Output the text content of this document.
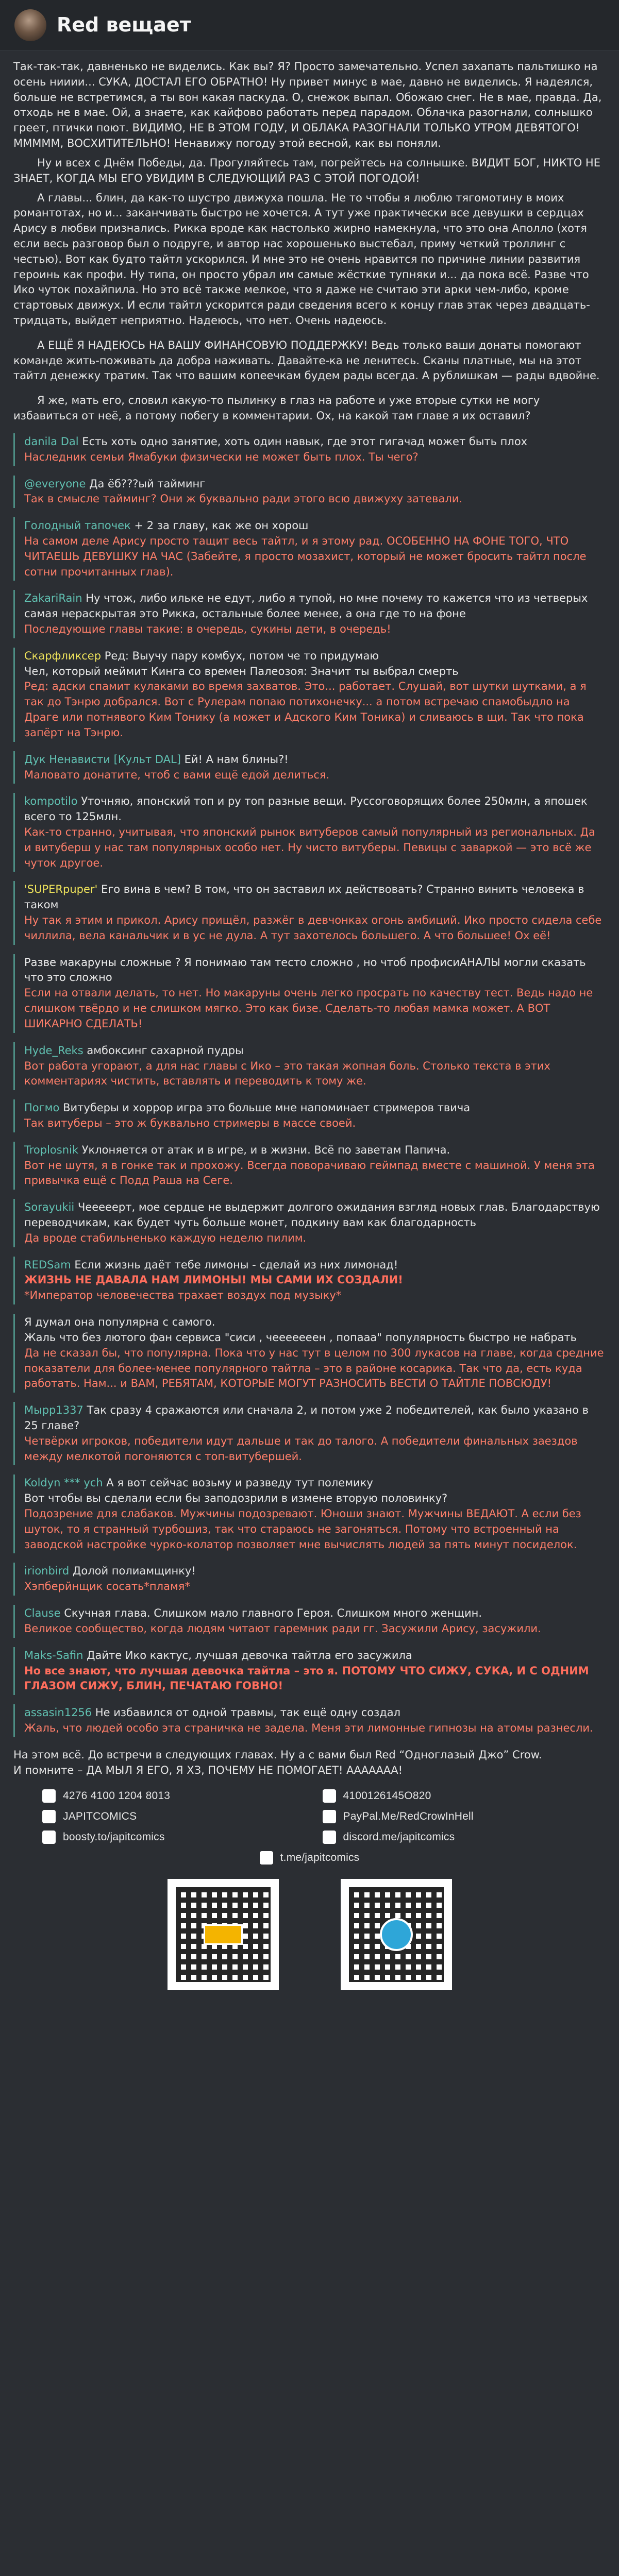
Red вещает

Так-так-так, давненько не виделись. Как вы? Я? Просто замечательно. Успел захапать пальтишко на осень нииии... СУКА, ДОСТАЛ ЕГО ОБРАТНО! Ну привет минус в мае, давно не виделись. Я надеялся, больше не встретимся, а ты вон какая паскуда. О, снежок выпал. Обожаю снег. Не в мае, правда. Да, отходь не в мае. Ой, а знаете, как кайфово работать перед парадом. Облачка разогнали, солнышко греет, птички поют. ВИДИМО, НЕ В ЭТОМ ГОДУ, И ОБЛАКА РАЗОГНАЛИ ТОЛЬКО УТРОМ ДЕВЯТОГО! МММММ, ВОСХИТИТЕЛЬНО! Ненавижу погоду этой весной, как вы поняли.

Ну и всех с Днём Победы, да. Прогуляйтесь там, погрейтесь на солнышке. ВИДИТ БОГ, НИКТО НЕ ЗНАЕТ, КОГДА МЫ ЕГО УВИДИМ В СЛЕДУЮЩИЙ РАЗ С ЭТОЙ ПОГОДОЙ!

А главы... блин, да как-то шустро движуха пошла. Не то чтобы я люблю тягомотину в моих романтотах, но и... заканчивать быстро не хочется. А тут уже практически все девушки в сердцах Арису в любви признались. Рикка вроде как настолько жирно намекнула, что это она Аполло (хотя если весь разговор был о подруге, и автор нас хорошенько выстебал, приму четкий троллинг с честью). Вот как будто тайтл ускорился. И мне это не очень нравится по причине линии развития героинь как профи. Ну типа, он просто убрал им самые жёсткие тупняки и... да пока всё. Разве что Ико чуток похайпила. Но это всё также мелкое, что я даже не считаю эти арки чем-либо, кроме стартовых движух. И если тайтл ускорится ради сведения всего к концу глав этак через двадцать-тридцать, выйдет неприятно. Надеюсь, что нет. Очень надеюсь.

А ЕЩЁ Я НАДЕЮСЬ НА ВАШУ ФИНАНСОВУЮ ПОДДЕРЖКУ! Ведь только ваши донаты помогают команде жить-поживать да добра наживать. Давайте-ка не ленитесь. Сканы платные, мы на этот тайтл денежку тратим. Так что вашим копеечкам будем рады всегда. А рублишкам — рады вдвойне.
Я же, мать его, словил какую-то пылинку в глаз на работе и уже вторые сутки не могу избавиться от неё, а потому побегу в комментарии. Ох, на какой там главе я их оставил?
danila Dal Есть хоть одно занятие, хоть один навык, где этот гигачад может быть плох
Наследник семьи Ямабуки физически не может быть плох. Ты чего?
@everyone Да ёб???ый тайминг
Так в смысле тайминг? Они ж буквально ради этого всю движуху затевали.
Голодный тапочек + 2 за главу, как же он хорош
На самом деле Арису просто тащит весь тайтл, и я этому рад. ОСОБЕННО НА ФОНЕ ТОГО, ЧТО ЧИТАЕШЬ ДЕВУШКУ НА ЧАС (Забейте, я просто мозахист, который не может бросить тайтл после сотни прочитанных глав).
ZakariRain Ну чтож, либо ильке не едут, либо я тупой, но мне почему то кажется что из четверых самая нераскрытая это Рикка, остальные более менее, а она где то на фоне
Последующие главы такие: в очередь, сукины дети, в очередь!
Скарфликсер Ред: Выучу пару комбух, потом че то придумаю
Чел, который меймит Кинга со времен Палеозоя: Значит ты выбрал смерть
Ред: адски спамит кулаками во время захватов. Это... работает. Слушай, вот шутки шутками, а я так до Тэнрю добрался. Вот с Рулерам попаю потихонечку... а потом встречаю спамобыдло на Драге или потнявого Ким Тонику (а может и Адского Ким Тоника) и сливаюсь в щи. Так что пока запёрт на Тэнрю.
Дук Ненависти [Культ DAL] Ей! А нам блины?!
Маловато донатите, чтоб с вами ещё едой делиться.
kompotilo Уточняю, японский топ и ру топ разные вещи. Руссоговорящих более 250млн, а япошек всего то 125млн.
Как-то странно, учитывая, что японский рынок витуберов самый популярный из региональных. Да и витуберш у нас там популярных особо нет. Ну чисто витуберы. Певицы с заваркой — это всё же чуток другое.
'SUPERpuper' Его вина в чем? В том, что он заставил их действовать? Странно винить человека в таком
Ну так я этим и прикол. Арису прищёл, разжёг в девчонках огонь амбиций. Ико просто сидела себе чиллила, вела канальчик и в ус не дула. А тут захотелось большего. А что большее! Ох её!
Разве макаруны сложные ? Я понимаю там тесто сложно , но чтоб профисиАНАЛЫ могли сказать что это сложно
Если на отвали делать, то нет. Но макаруны очень легко просрать по качеству тест. Ведь надо не слишком твёрдо и не слишком мягко. Это как бизе. Сделать-то любая мамка может. А ВОТ ШИКАРНО СДЕЛАТЬ!
Hyde_Reks амбоксинг сахарной пудры
Вот работа угорают, а для нас главы с Ико – это такая жопная боль. Столько текста в этих комментариях чистить, вставлять и переводить к тому же.
Погмо Витуберы и хоррор игра это больше мне напоминает стримеров твича
Так витуберы – это ж буквально стримеры в массе своей.
Troplosnik Уклоняется от атак и в игре, и в жизни. Всё по заветам Папича.
Вот не шутя, я в гонке так и прохожу. Всегда поворачиваю геймпад вместе с машиной. У меня эта привычка ещё с Подд Раша на Сеге.
Sorayukii Чееееерт, мое сердце не выдержит долгого ожидания взгляд новых глав. Благодарствую переводчикам, как будет чуть больше монет, подкину вам как благодарность
Да вроде стабильненько каждую неделю пилим.
REDSam Если жизнь даёт тебе лимоны - сделай из них лимонад!
ЖИЗНЬ НЕ ДАВАЛА НАМ ЛИМОНЫ! МЫ САМИ ИХ СОЗДАЛИ!
*Император человечества трахает воздух под музыку*
Я думал она популярна с самого.
Жаль что без лютого фан сервиса "сиси , чееееееен , попааа" популярность быстро не набрать
Да не сказал бы, что популярна. Пока что у нас тут в целом по 300 лукасов на главе, когда средние показатели для более-менее популярного тайтла – это в районе косарика. Так что да, есть куда работать. Нам... и ВАМ, РЕБЯТАМ, КОТОРЫЕ МОГУТ РАЗНОСИТЬ ВЕСТИ О ТАЙТЛЕ ПОВСЮДУ!
Мырр1337 Так сразу 4 сражаются или сначала 2, и потом уже 2 победителей, как было указано в 25 главе?
Четвёрки игроков, победители идут дальше и так до талого. А победители финальных заездов между мелкотой погоняются с топ-витубершей.
Koldyn *** ych А я вот сейчас возьму и разведу тут полемику
Вот чтобы вы сделали если бы заподозрили в измене вторую половинку?
Подозрение для слабаков. Мужчины подозревают. Юноши знают. Мужчины ВЕДАЮТ. А если без шуток, то я странный турбошиз, так что стараюсь не загоняться. Потому что встроенный на заводской настройке чурко-колатор позволяет мне вычислять людей за пять минут посиделок.
irionbird Долой полиамщинку!
Хэпберйнщик сосать*пламя*
Clause Скучная глава. Слишком мало главного Героя. Слишком много женщин.
Великое сообщество, когда людям читают гаремник ради гг. Засужили Арису, засужили.
Maks-Safin Дайте Ико кактус, лучшая девочка тайтла его засужила
Но все знают, что лучшая девочка тайтла – это я. ПОТОМУ ЧТО СИЖУ, СУКА, И С ОДНИМ ГЛАЗОМ СИЖУ, БЛИН, ПЕЧАТАЮ ГОВНО!
assasin1256 Не избавился от одной травмы, так ещё одну создал
Жаль, что людей особо эта страничка не задела. Меня эти лимонные гипнозы на атомы разнесли.
На этом всё. До встречи в следующих главах. Ну а с вами был Red “Одноглазый Джо” Crow.
И помните – ДА МЫЛ Я ЕГО, Я ХЗ, ПОЧЕМУ НЕ ПОМОГАЕТ! ААААААА!
4276 4100 1204 8013	4100126145O820
JAPITCOMICS	PayPal.Me/RedCrowInHell
boosty.to/japitcomics	discord.me/japitcomics
t.me/japitcomics
